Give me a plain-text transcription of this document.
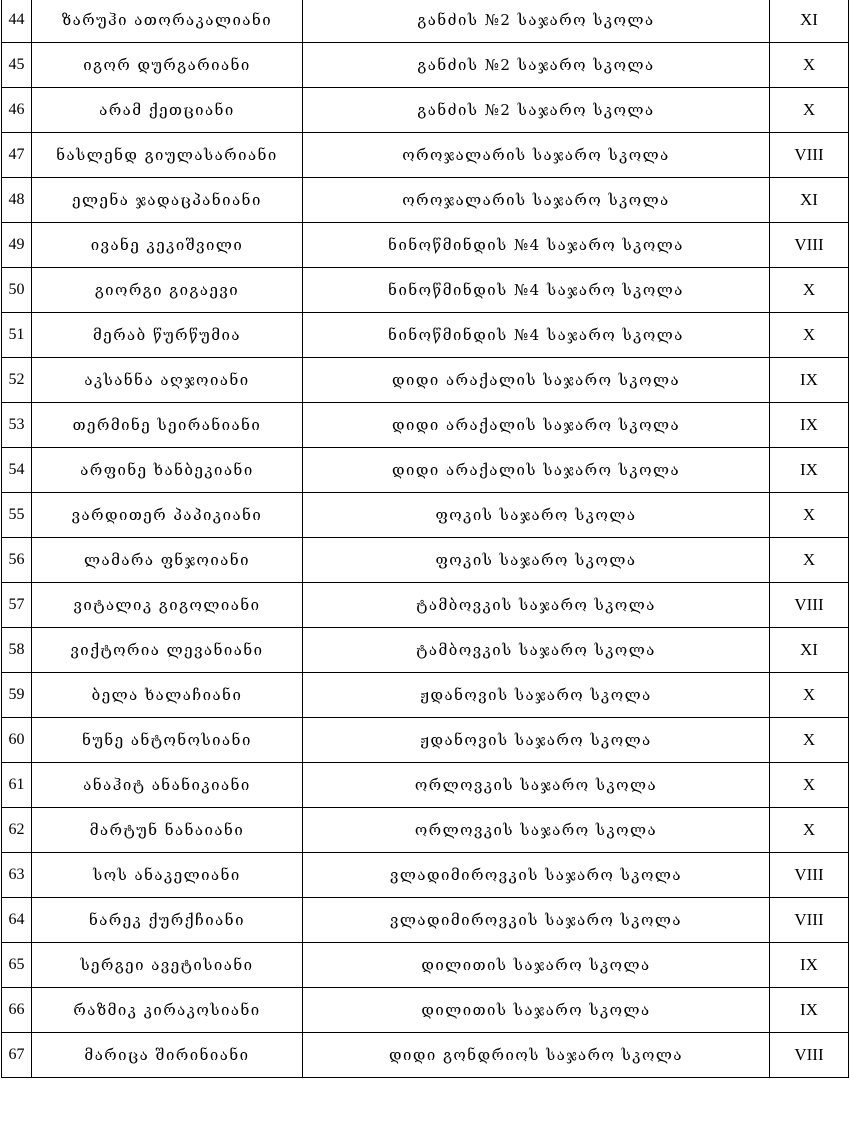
44	ზარუჰი ათორაკალიანი	განძის №2 საჯარო სკოლა	XI
45	იგორ დურგარიანი	განძის №2 საჯარო სკოლა	X
46	არამ ქეთციანი	განძის №2 საჯარო სკოლა	X
47	ნასლენდ გიულასარიანი	ოროჯალარის საჯარო სკოლა	VIII
48	ელენა ჯადაცპანიანი	ოროჯალარის საჯარო სკოლა	XI
49	ივანე კეკიშვილი	ნინოწმინდის №4 საჯარო სკოლა	VIII
50	გიორგი გიგაევი	ნინოწმინდის №4 საჯარო სკოლა	X
51	მერაბ წურწუმია	ნინოწმინდის №4 საჯარო სკოლა	X
52	აკსანნა აღჯოიანი	დიდი არაქალის საჯარო სკოლა	IX
53	თერმინე სეირანიანი	დიდი არაქალის საჯარო სკოლა	IX
54	არფინე ხანბეკიანი	დიდი არაქალის საჯარო სკოლა	IX
55	ვარდითერ პაპიკიანი	ფოკის საჯარო სკოლა	X
56	ლამარა ფნჯოიანი	ფოკის საჯარო სკოლა	X
57	ვიტალიკ გიგოლიანი	ტამბოვკის საჯარო სკოლა	VIII
58	ვიქტორია ლევანიანი	ტამბოვკის საჯარო სკოლა	XI
59	ბელა ხალაჩიანი	ჟდანოვის საჯარო სკოლა	X
60	ნუნე ანტონოსიანი	ჟდანოვის საჯარო სკოლა	X
61	ანაჰიტ ანანიკიანი	ორლოვკის საჯარო სკოლა	X
62	მარტუნ ნანაიანი	ორლოვკის საჯარო სკოლა	X
63	სოს ანაკელიანი	ვლადიმიროვკის საჯარო სკოლა	VIII
64	ნარეკ ქურქჩიანი	ვლადიმიროვკის საჯარო სკოლა	VIII
65	სერგეი ავეტისიანი	დილითის საჯარო სკოლა	IX
66	რაზმიკ კირაკოსიანი	დილითის საჯარო სკოლა	IX
67	მარიცა შირინიანი	დიდი გონდრიოს საჯარო სკოლა	VIII
